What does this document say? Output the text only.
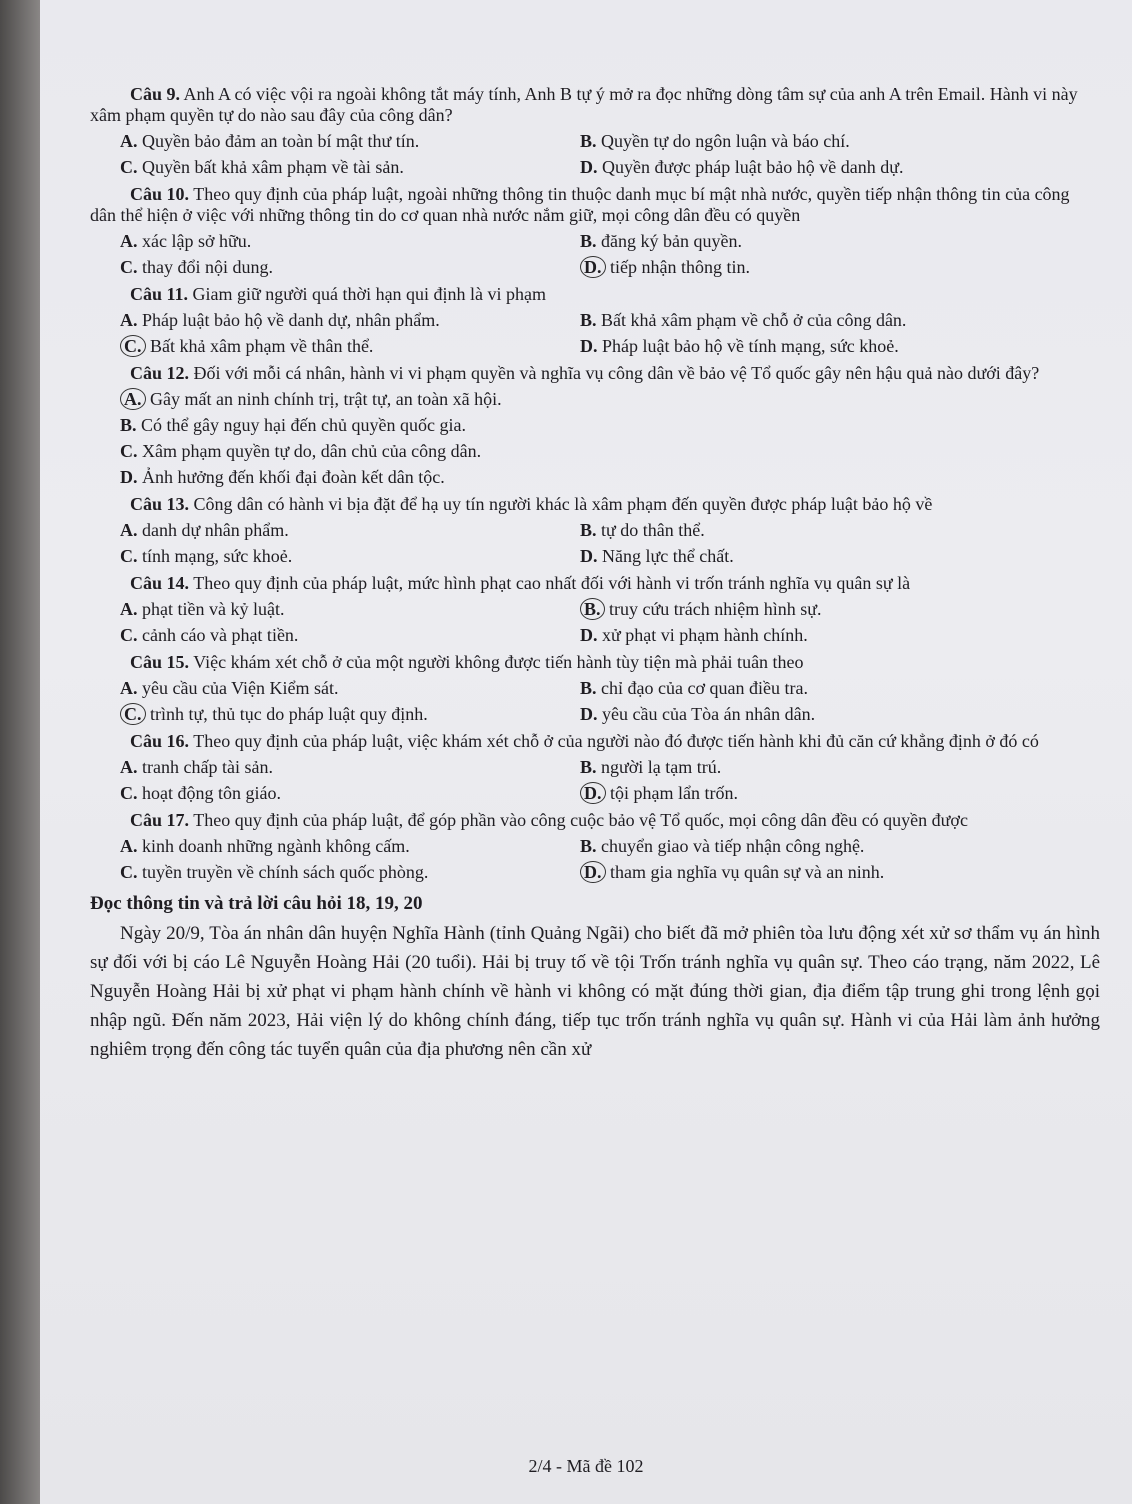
Câu 9. Anh A có việc vội ra ngoài không tắt máy tính, Anh B tự ý mở ra đọc những dòng tâm sự của anh A trên Email. Hành vi này xâm phạm quyền tự do nào sau đây của công dân?

A. Quyền bảo đảm an toàn bí mật thư tín.	B. Quyền tự do ngôn luận và báo chí.
C. Quyền bất khả xâm phạm về tài sản.	D. Quyền được pháp luật bảo hộ về danh dự.

Câu 10. Theo quy định của pháp luật, ngoài những thông tin thuộc danh mục bí mật nhà nước, quyền tiếp nhận thông tin của công dân thể hiện ở việc với những thông tin do cơ quan nhà nước nắm giữ, mọi công dân đều có quyền

A. xác lập sở hữu.	B. đăng ký bản quyền.
C. thay đổi nội dung.	D. tiếp nhận thông tin.

Câu 11. Giam giữ người quá thời hạn qui định là vi phạm

A. Pháp luật bảo hộ về danh dự, nhân phẩm.	B. Bất khả xâm phạm về chỗ ở của công dân.
C. Bất khả xâm phạm về thân thể.	D. Pháp luật bảo hộ về tính mạng, sức khoẻ.

Câu 12. Đối với mỗi cá nhân, hành vi vi phạm quyền và nghĩa vụ công dân về bảo vệ Tổ quốc gây nên hậu quả nào dưới đây?

A. Gây mất an ninh chính trị, trật tự, an toàn xã hội.
B. Có thể gây nguy hại đến chủ quyền quốc gia.
C. Xâm phạm quyền tự do, dân chủ của công dân.
D. Ảnh hưởng đến khối đại đoàn kết dân tộc.

Câu 13. Công dân có hành vi bịa đặt để hạ uy tín người khác là xâm phạm đến quyền được pháp luật bảo hộ về

A. danh dự nhân phẩm.	B. tự do thân thể.
C. tính mạng, sức khoẻ.	D. Năng lực thể chất.

Câu 14. Theo quy định của pháp luật, mức hình phạt cao nhất đối với hành vi trốn tránh nghĩa vụ quân sự là

A. phạt tiền và kỷ luật.	B. truy cứu trách nhiệm hình sự.
C. cảnh cáo và phạt tiền.	D. xử phạt vi phạm hành chính.

Câu 15. Việc khám xét chỗ ở của một người không được tiến hành tùy tiện mà phải tuân theo

A. yêu cầu của Viện Kiểm sát.	B. chỉ đạo của cơ quan điều tra.
C. trình tự, thủ tục do pháp luật quy định.	D. yêu cầu của Tòa án nhân dân.

Câu 16. Theo quy định của pháp luật, việc khám xét chỗ ở của người nào đó được tiến hành khi đủ căn cứ khẳng định ở đó có

A. tranh chấp tài sản.	B. người lạ tạm trú.
C. hoạt động tôn giáo.	D. tội phạm lẩn trốn.

Câu 17. Theo quy định của pháp luật, để góp phần vào công cuộc bảo vệ Tổ quốc, mọi công dân đều có quyền được

A. kinh doanh những ngành không cấm.	B. chuyển giao và tiếp nhận công nghệ.
C. tuyền truyền về chính sách quốc phòng.	D. tham gia nghĩa vụ quân sự và an ninh.
Đọc thông tin và trả lời câu hỏi 18, 19, 20

Ngày 20/9, Tòa án nhân dân huyện Nghĩa Hành (tỉnh Quảng Ngãi) cho biết đã mở phiên tòa lưu động xét xử sơ thẩm vụ án hình sự đối với bị cáo Lê Nguyễn Hoàng Hải (20 tuổi). Hải bị truy tố về tội Trốn tránh nghĩa vụ quân sự. Theo cáo trạng, năm 2022, Lê Nguyễn Hoàng Hải bị xử phạt vi phạm hành chính về hành vi không có mặt đúng thời gian, địa điểm tập trung ghi trong lệnh gọi nhập ngũ. Đến năm 2023, Hải viện lý do không chính đáng, tiếp tục trốn tránh nghĩa vụ quân sự. Hành vi của Hải làm ảnh hưởng nghiêm trọng đến công tác tuyển quân của địa phương nên cần xử

2/4 - Mã đề 102
